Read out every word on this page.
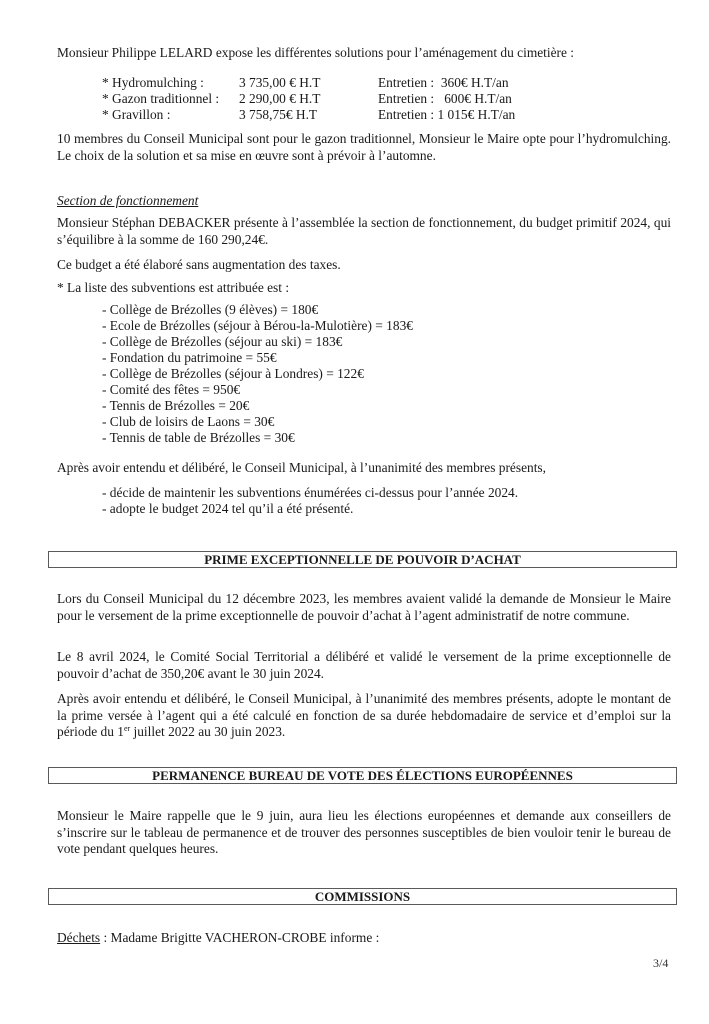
Monsieur Philippe LELARD expose les différentes solutions pour l’aménagement du cimetière :
* Hydromulching :	3 735,00 € H.T	Entretien :  360€ H.T/an
* Gazon traditionnel : 2 290,00 € H.T	Entretien :   600€ H.T/an
* Gravillon :	3 758,75€ H.T	Entretien : 1 015€ H.T/an
10 membres du Conseil Municipal sont pour le gazon traditionnel, Monsieur le Maire opte pour l’hydromulching. Le choix de la solution et sa mise en œuvre sont à prévoir à l’automne.
Section de fonctionnement
Monsieur Stéphan DEBACKER présente à l’assemblée la section de fonctionnement, du budget primitif 2024, qui s’équilibre à la somme de 160 290,24€.
Ce budget a été élaboré sans augmentation des taxes.
* La liste des subventions est attribuée est :
- Collège de Brézolles (9 élèves) = 180€
- Ecole de Brézolles (séjour à Bérou-la-Mulotière) = 183€
- Collège de Brézolles (séjour au ski) = 183€
- Fondation du patrimoine = 55€
- Collège de Brézolles (séjour à Londres) = 122€
- Comité des fêtes = 950€
- Tennis de Brézolles = 20€
- Club de loisirs de Laons = 30€
- Tennis de table de Brézolles = 30€
Après avoir entendu et délibéré, le Conseil Municipal, à l’unanimité des membres présents,
- décide de maintenir les subventions énumérées ci-dessus pour l’année 2024.
- adopte le budget 2024 tel qu’il a été présenté.
PRIME EXCEPTIONNELLE DE POUVOIR D’ACHAT
Lors du Conseil Municipal du 12 décembre 2023, les membres avaient validé la demande de Monsieur le Maire pour le versement de la prime exceptionnelle de pouvoir d’achat à l’agent administratif de notre commune.
Le 8 avril 2024, le Comité Social Territorial a délibéré et validé le versement de la prime exceptionnelle de pouvoir d’achat de 350,20€ avant le 30 juin 2024.
Après avoir entendu et délibéré, le Conseil Municipal, à l’unanimité des membres présents, adopte le montant de la prime versée à l’agent qui a été calculé en fonction de sa durée hebdomadaire de service et d’emploi sur la période du 1er juillet 2022 au 30 juin 2023.
PERMANENCE BUREAU DE VOTE DES ÉLECTIONS EUROPÉENNES
Monsieur le Maire rappelle que le 9 juin, aura lieu les élections européennes et demande aux conseillers de s’inscrire sur le tableau de permanence et de trouver des personnes susceptibles de bien vouloir tenir le bureau de vote pendant quelques heures.
COMMISSIONS
Déchets : Madame Brigitte VACHERON-CROBE informe :
3/4
